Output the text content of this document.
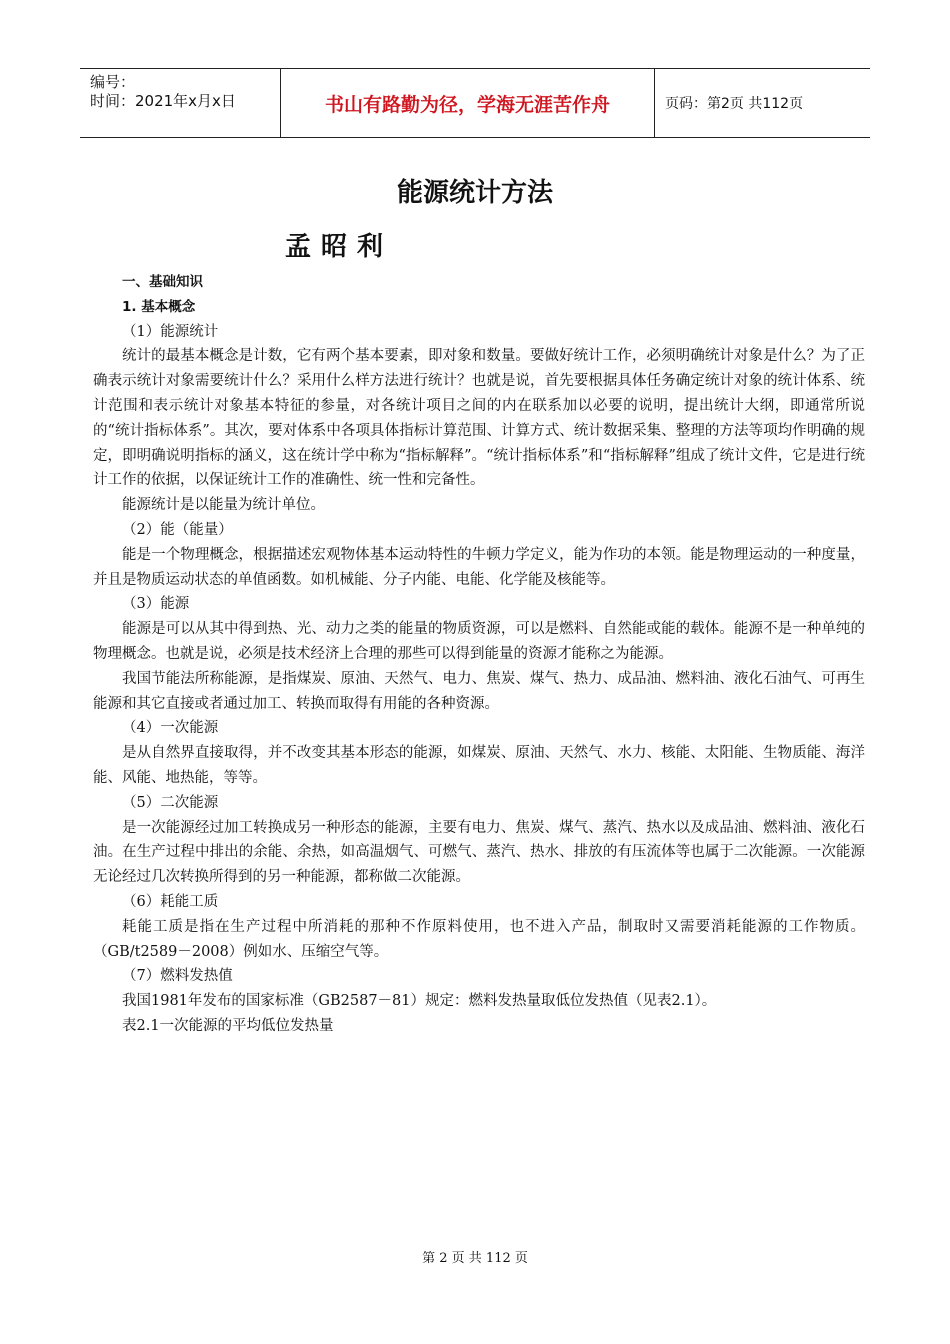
编号：
时间：2021年x月x日	书山有路勤为径，学海无涯苦作舟	页码：第2页 共112页
能源统计方法
孟昭利

一、基础知识

1. 基本概念

（1）能源统计

统计的最基本概念是计数，它有两个基本要素，即对象和数量。要做好统计工作，必须明确统计对象是什么？为了正确表示统计对象需要统计什么？采用什么样方法进行统计？也就是说，首先要根据具体任务确定统计对象的统计体系、统计范围和表示统计对象基本特征的参量，对各统计项目之间的内在联系加以必要的说明，提出统计大纲，即通常所说的“统计指标体系”。其次，要对体系中各项具体指标计算范围、计算方式、统计数据采集、整理的方法等项均作明确的规定，即明确说明指标的涵义，这在统计学中称为“指标解释”。“统计指标体系”和“指标解释”组成了统计文件，它是进行统计工作的依据，以保证统计工作的准确性、统一性和完备性。

能源统计是以能量为统计单位。

（2）能（能量）

能是一个物理概念，根据描述宏观物体基本运动特性的牛顿力学定义，能为作功的本领。能是物理运动的一种度量，并且是物质运动状态的单值函数。如机械能、分子内能、电能、化学能及核能等。

（3）能源

能源是可以从其中得到热、光、动力之类的能量的物质资源，可以是燃料、自然能或能的载体。能源不是一种单纯的物理概念。也就是说，必须是技术经济上合理的那些可以得到能量的资源才能称之为能源。

我国节能法所称能源，是指煤炭、原油、天然气、电力、焦炭、煤气、热力、成品油、燃料油、液化石油气、可再生能源和其它直接或者通过加工、转换而取得有用能的各种资源。

（4）一次能源

是从自然界直接取得，并不改变其基本形态的能源，如煤炭、原油、天然气、水力、核能、太阳能、生物质能、海洋能、风能、地热能，等等。

（5）二次能源

是一次能源经过加工转换成另一种形态的能源，主要有电力、焦炭、煤气、蒸汽、热水以及成品油、燃料油、液化石油。在生产过程中排出的余能、余热，如高温烟气、可燃气、蒸汽、热水、排放的有压流体等也属于二次能源。一次能源无论经过几次转换所得到的另一种能源，都称做二次能源。

（6）耗能工质

耗能工质是指在生产过程中所消耗的那种不作原料使用，也不进入产品，制取时又需要消耗能源的工作物质。（GB/t2589－2008）例如水、压缩空气等。

（7）燃料发热值

我国1981年发布的国家标准（GB2587－81）规定：燃料发热量取低位发热值（见表2.1）。

表2.1一次能源的平均低位发热量

第 2 页 共 112 页
